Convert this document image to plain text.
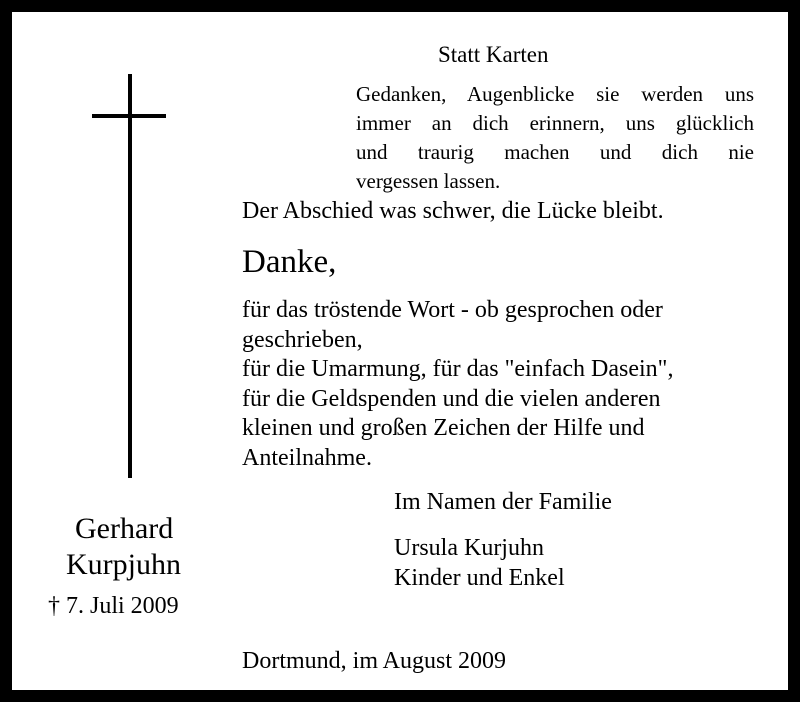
Statt Karten
Gedanken, Augenblicke sie werden uns
immer an dich erinnern, uns glücklich
und traurig machen und dich nie
vergessen lassen.
Der Abschied was schwer, die Lücke bleibt.
Danke,
für das tröstende Wort - ob gesprochen oder
geschrieben,
für die Umarmung, für das "einfach Dasein",
für die Geldspenden und die vielen anderen
kleinen und großen Zeichen der Hilfe und
Anteilnahme.
Gerhard
Kurpjuhn
† 7. Juli 2009
Im Namen der Familie
Ursula Kurjuhn
Kinder und Enkel
Dortmund, im August 2009
